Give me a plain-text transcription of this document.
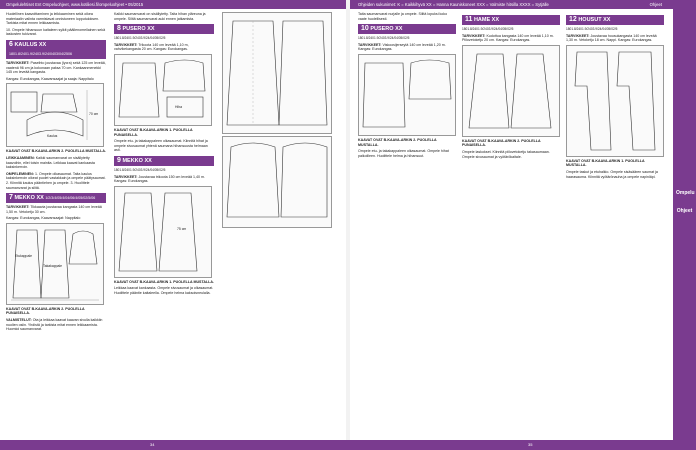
Ompelulehtiset Ent Ompeluohjeet, www.kotiliesi.fi/ompeluohjeet • 05/2015	Ohjeiden sukunimet: K = Kaikkihyvä XX = Hanna Kauniskoneet XXX = Valmiste hitsilla XXXX = Sytjälle	Ohjeet

Huolellinen kaavoittaminen ja leikkaaminen sekä oikea materiaalin valinta varmistavat onnistuneen lopputuloksen. Tarkista mitat ennen leikkaamista.

10. Ompele hihansuun kaitaleen sylkit päällenomellainen sekä laskosten tukivarat.

6 KAULUS XX 1801.8/2401.9/2403.9/24/0403/04/2506

TARVIKKEET: Paseihto joustavaa (lycra) sekä 125 cm leveää, vaatenä 96 cm ja kokonaan paksa 70 cm. Kankaanmenekki 145 cm leveää kangasta.

Kangas: Eurokangas, Kaavansaajat ja saaja: Nappitalo

Kaulus
70 cm
KAAVAT OVAT B-KAAVA-ARKIN 2. PUOLELLA MUSTALLA.

LEIKKAAMINEN: Kaikki saumanvarat on sisällytetty kaavoihin, ellei toisin mainita. Leikkaa kaavat kankaasta kaksinkerroin.

OMPELEMINEN: 1. Ompele olkasaumat. Taita kaulus kaksinkerroin oikeat puolet vastakkain ja ompele päätysaumat. 2. Kiinnitä kaulus pääntiehen ja ompele. 3. Huolittele saumanvarat ja silitä.

7 MEKKO XX 1/2/3/4/05/4/04/06/4/05/02/5/06

TARVIKKEET: Tikkaavia joustavaa kangasta 140 cm leveää 1,50 m. Vetoketju 30 cm.

Kangas: Eurokangas, Kaavansaajat: Nappitalo

Etukappale
Takakappale
KAAVAT OVAT B-KAAVA-ARKIN 2. PUOLELLA PUNAISELLA.

VALMISTELUT: Ota ja leikkaa kaavat kaavan sivulla kaikkiin nuolien osiin. Yhdistä ja tarkista mitat ennen leikkaamista. Huomioi saumanvarat.

Kaikki saumanvarat on sisällytetty. Taita hihan yläreuna ja ompele. Silitä saumanvarat auki ennen jatkamista.

8 PUSERO XX

1801.8/2401.9/2403.9/24/04/05/02/5

TARVIKKEET: Trikoota 140 cm leveää 1,10 m, vahvikekangasta 20 cm. Kangas: Eurokangas.

Hiha
KAAVAT OVAT B-KAAVA-ARKIN 1. PUOLELLA PUNAISELLA.

Ompele etu- ja takakappaleen olkasaumat. Kiinnitä hihat ja ompele sivusaumat yhtenä saumana hihansuusta helmaan asti.

9 MEKKO XX

1801.8/2401.9/2403.9/24/04/05/02/5

TARVIKKEET: Joustavaa trikoota 150 cm leveää 1,40 m. Kangas: Eurokangas.

75 cm
KAAVAT OVAT B-KAAVA-ARKIN 1. PUOLELLA MUSTALLA.

Leikkaa kaavat kankaasta. Ompele sivusaumat ja olkasaumat. Huolittele pääntie kaitaleella. Ompele helma kaksoisneulalla.

Taita saumanvarat nurjalle ja ompele. Silitä lopuksi koko vaate huolellisesti.

10 PUSERO XX

1801.8/2401.9/2403.9/24/04/05/02/5

TARVIKKEET: Viskoosijerseytä 140 cm leveää 1,20 m. Kangas: Eurokangas.

KAAVAT OVAT B-KAAVA-ARKIN 2. PUOLELLA MUSTALLA.

Ompele etu- ja takakappaleen olkasaumat. Ompele hihat paikoilleen. Huolittele helma ja hihansuut.

11 HAME XX

1801.8/2401.9/2403.9/24/04/05/02/5

TARVIKKEET: Kudottua kangasta 140 cm leveää 1,10 m. Piilovetoketju 20 cm. Kangas: Eurokangas.

KAAVAT OVAT B-KAAVA-ARKIN 2. PUOLELLA PUNAISELLA.

Ompele laskokset. Kiinnitä piilovetoketju takasaumaan. Ompele sivusaumat ja vyötärökaitale.

12 HOUSUT XX

1801.8/2401.9/2403.9/24/04/05/02/5

TARVIKKEET: Joustavaa housukangasta 140 cm leveää 1,30 m. Vetoketju 18 cm. Nappi. Kangas: Eurokangas.

KAAVAT OVAT B-KAAVA-ARKIN 1. PUOLELLA MUSTALLA.

Ompele taskut ja etuhalkio. Ompele sisäsäären saumat ja haarasauma. Kiinnitä vyötärönauha ja ompele napinläpi.

Ompelu
Ohjeet
34	35
